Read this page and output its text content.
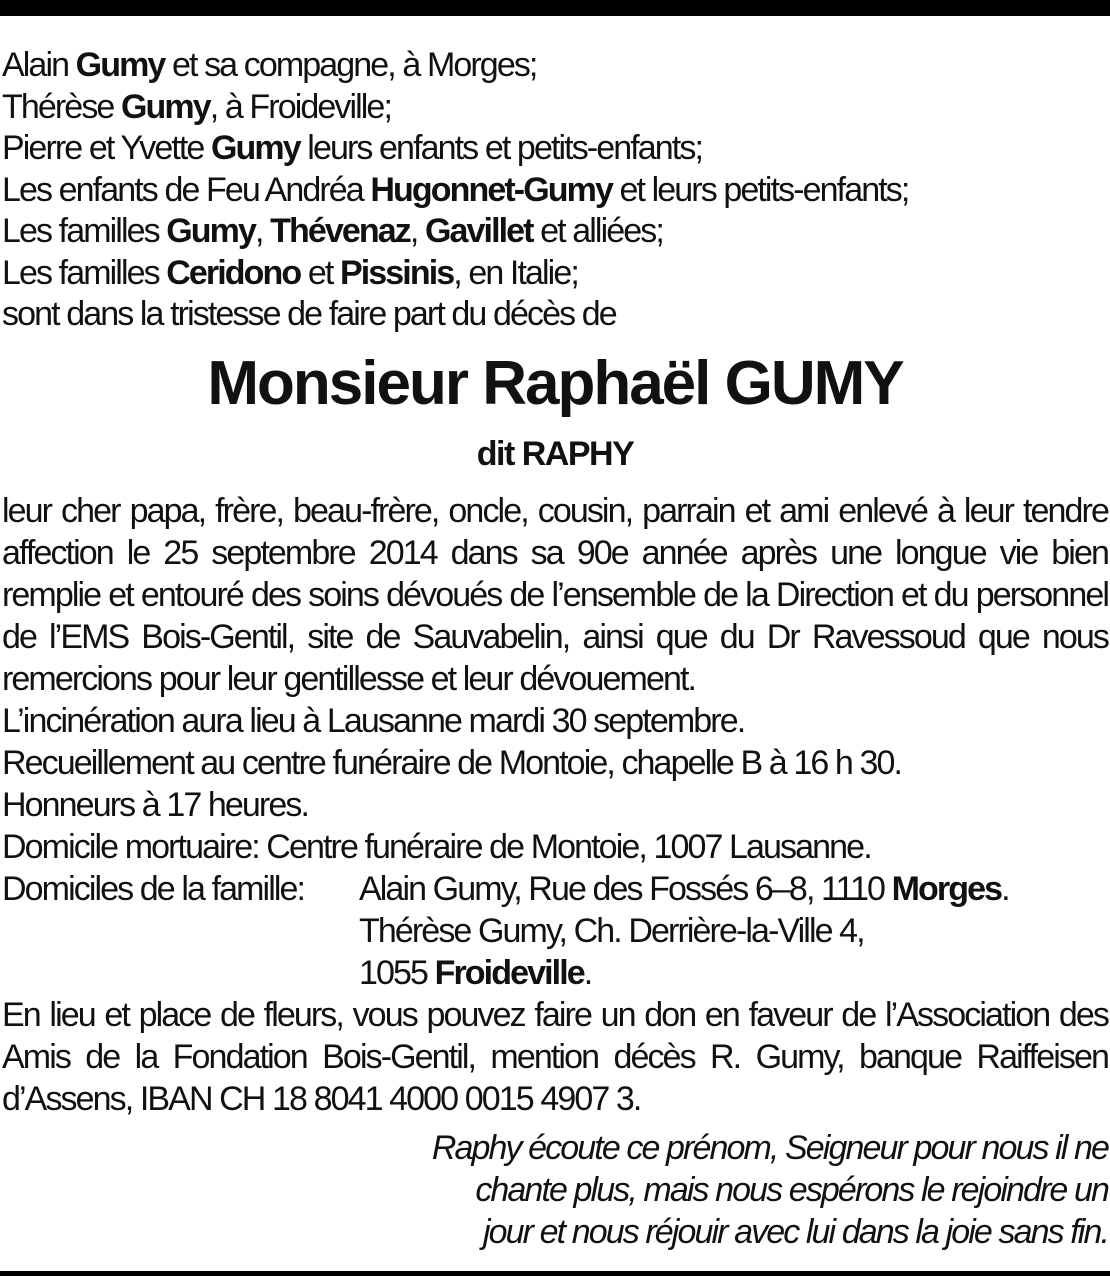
Alain Gumy et sa compagne, à Morges;
Thérèse Gumy, à Froideville;
Pierre et Yvette Gumy leurs enfants et petits-enfants;
Les enfants de Feu Andréa Hugonnet-Gumy et leurs petits-enfants;
Les familles Gumy, Thévenaz, Gavillet et alliées;
Les familles Ceridono et Pissinis, en Italie;
sont dans la tristesse de faire part du décès de
Monsieur Raphaël GUMY
dit RAPHY
leur cher papa, frère, beau-frère, oncle, cousin, parrain et ami enlevé à leur tendre affection le 25 septembre 2014 dans sa 90e année après une longue vie bien remplie et entouré des soins dévoués de l’ensemble de la Direction et du personnel de l’EMS Bois-Gentil, site de Sauvabelin, ainsi que du Dr Ravessoud que nous remercions pour leur gentillesse et leur dévouement.
L’incinération aura lieu à Lausanne mardi 30 septembre.
Recueillement au centre funéraire de Montoie, chapelle B à 16 h 30.
Honneurs à 17 heures.
Domicile mortuaire: Centre funéraire de Montoie, 1007 Lausanne.
Domiciles de la famille:	Alain Gumy, Rue des Fossés 6–8, 1110 Morges.
Thérèse Gumy, Ch. Derrière-la-Ville 4,
1055 Froideville.
En lieu et place de fleurs, vous pouvez faire un don en faveur de l’Association des Amis de la Fondation Bois-Gentil, mention décès R. Gumy, banque Raiffeisen d’Assens, IBAN CH 18 8041 4000 0015 4907 3.
Raphy écoute ce prénom, Seigneur pour nous il ne
chante plus, mais nous espérons le rejoindre un
jour et nous réjouir avec lui dans la joie sans fin.
